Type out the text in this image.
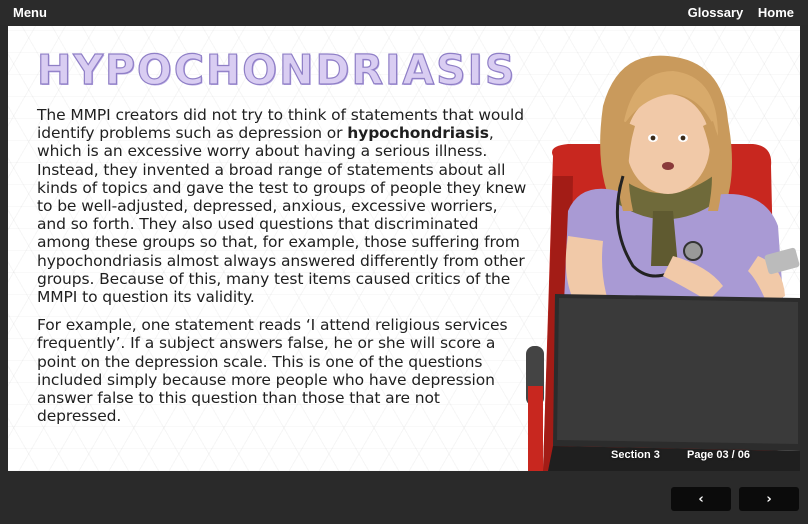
Menu	Glossary Home
HYPOCHONDRIASIS

The MMPI creators did not try to think of statements that would identify problems such as depression or hypochondriasis, which is an excessive worry about having a serious illness. Instead, they invented a broad range of statements about all kinds of topics and gave the test to groups of people they knew to be well-adjusted, depressed, anxious, excessive worriers, and so forth. They also used questions that discriminated among these groups so that, for example, those suffering from hypochondriasis almost always answered differently from other groups. Because of this, many test items caused critics of the MMPI to question its validity.

For example, one statement reads ‘I attend religious services frequently’. If a subject answers false, he or she will score a point on the depression scale. This is one of the questions included simply because more people who have depression answer false to this question than those that are not depressed.

Section 3 Page 03 / 06
‹	›
